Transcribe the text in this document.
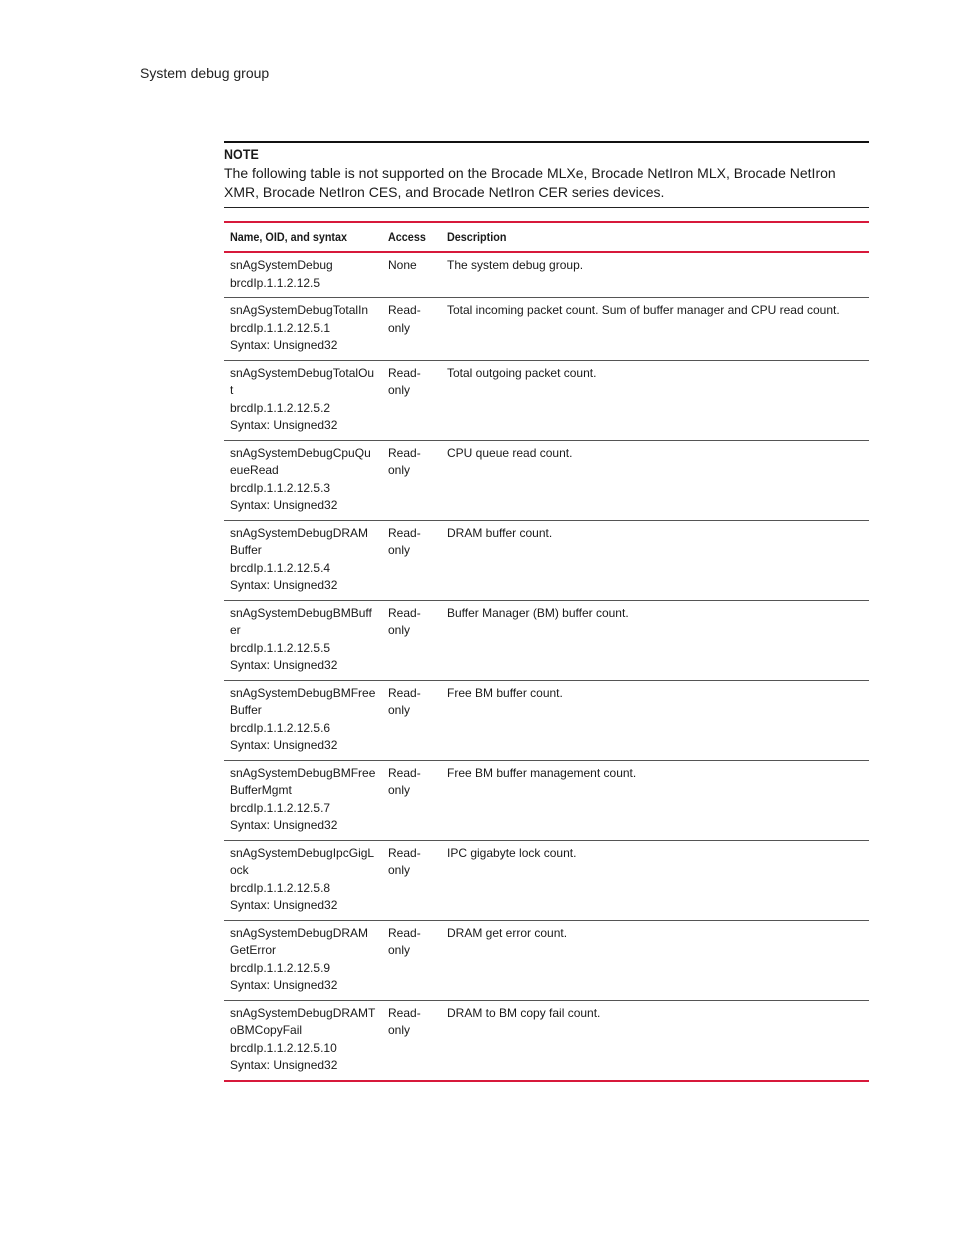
System debug group
NOTE
The following table is not supported on the Brocade MLXe, Brocade NetIron MLX, Brocade NetIron XMR, Brocade NetIron CES, and Brocade NetIron CER series devices.
Name, OID, and syntax	Access	Description

snAgSystemDebug
brcdIp.1.1.2.12.5	None	The system debug group.

snAgSystemDebugTotalIn
brcdIp.1.1.2.12.5.1
Syntax: Unsigned32	Read-only	Total incoming packet count. Sum of buffer manager and CPU read count.

snAgSystemDebugTotalOut
brcdIp.1.1.2.12.5.2
Syntax: Unsigned32	Read-only	Total outgoing packet count.

snAgSystemDebugCpuQueueRead
brcdIp.1.1.2.12.5.3
Syntax: Unsigned32	Read-only	CPU queue read count.

snAgSystemDebugDRAMBuffer
brcdIp.1.1.2.12.5.4
Syntax: Unsigned32	Read-only	DRAM buffer count.

snAgSystemDebugBMBuffer
brcdIp.1.1.2.12.5.5
Syntax: Unsigned32	Read-only	Buffer Manager (BM) buffer count.

snAgSystemDebugBMFreeBuffer
brcdIp.1.1.2.12.5.6
Syntax: Unsigned32	Read-only	Free BM buffer count.

snAgSystemDebugBMFreeBufferMgmt
brcdIp.1.1.2.12.5.7
Syntax: Unsigned32	Read-only	Free BM buffer management count.

snAgSystemDebugIpcGigLock
brcdIp.1.1.2.12.5.8
Syntax: Unsigned32	Read-only	IPC gigabyte lock count.

snAgSystemDebugDRAMGetError
brcdIp.1.1.2.12.5.9
Syntax: Unsigned32	Read-only	DRAM get error count.

snAgSystemDebugDRAMToBMCopyFail
brcdIp.1.1.2.12.5.10
Syntax: Unsigned32	Read-only	DRAM to BM copy fail count.
